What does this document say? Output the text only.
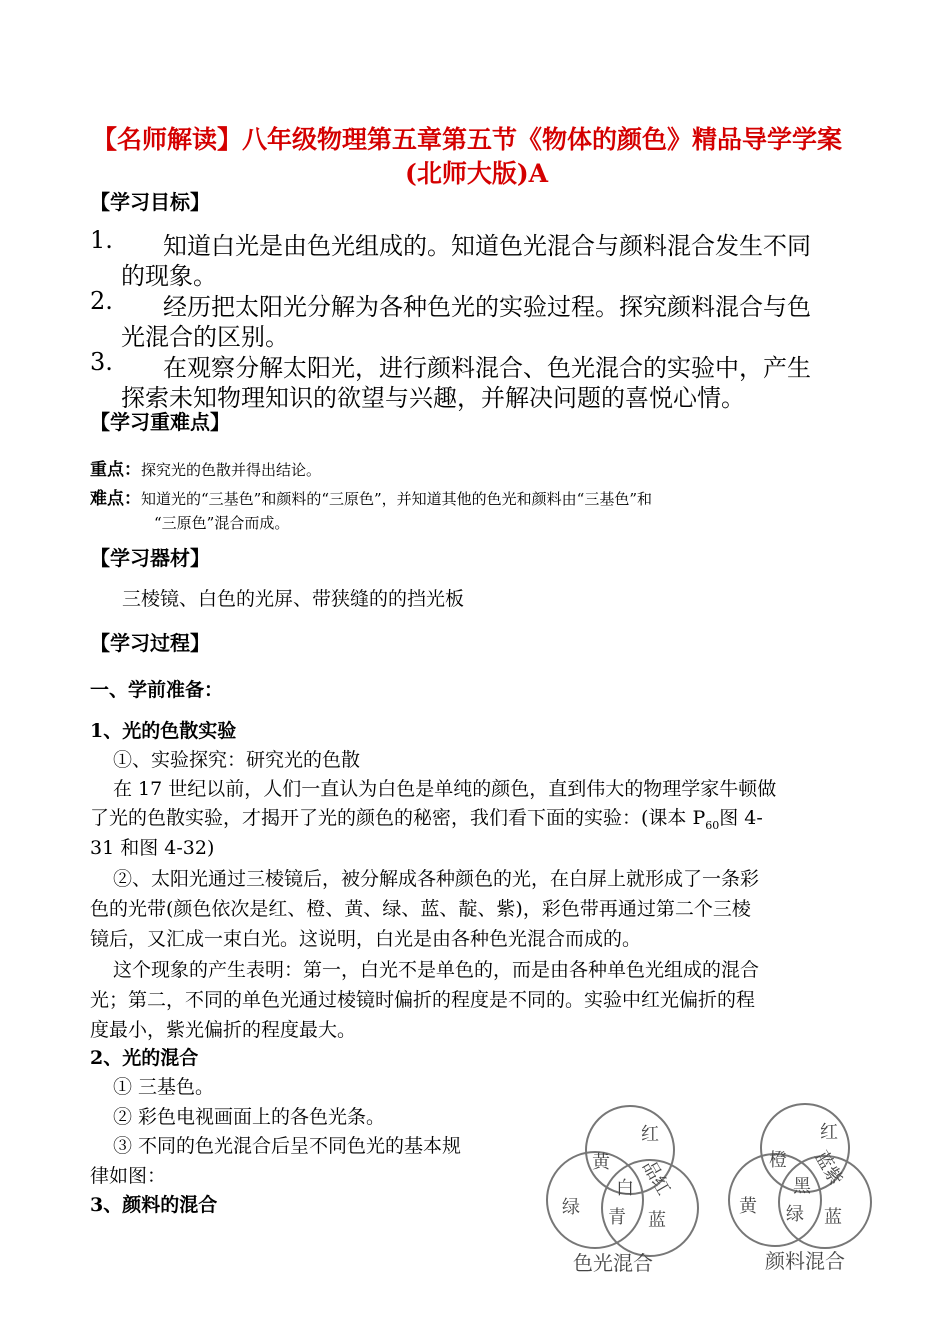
【名师解读】八年级物理第五章第五节《物体的颜色》精品导学学案
(北师大版)A
【学习目标】
1. 知道白光是由色光组成的。知道色光混合与颜料混合发生不同
的现象。
2. 经历把太阳光分解为各种色光的实验过程。探究颜料混合与色
光混合的区别。
3. 在观察分解太阳光，进行颜料混合、色光混合的实验中，产生
探索未知物理知识的欲望与兴趣，并解决问题的喜悦心情。
【学习重难点】
重点：探究光的色散并得出结论。
难点：知道光的“三基色”和颜料的“三原色”，并知道其他的色光和颜料由“三基色”和
“三原色”混合而成。
【学习器材】
三棱镜、白色的光屏、带狭缝的的挡光板
【学习过程】
一、学前准备：
1、光的色散实验
①、实验探究：研究光的色散
在 17 世纪以前，人们一直认为白色是单纯的颜色，直到伟大的物理学家牛顿做
了光的色散实验，才揭开了光的颜色的秘密，我们看下面的实验：(课本 $P_{60}$图 4-
31 和图 4-32)
②、太阳光通过三棱镜后，被分解成各种颜色的光，在白屏上就形成了一条彩
色的光带(颜色依次是红、橙、黄、绿、蓝、靛、紫)，彩色带再通过第二个三棱
镜后，又汇成一束白光。这说明，白光是由各种色光混合而成的。
这个现象的产生表明：第一，白光不是单色的，而是由各种单色光组成的混合
光；第二，不同的单色光通过棱镜时偏折的程度是不同的。实验中红光偏折的程
度最小，紫光偏折的程度最大。
2、光的混合
① 三基色。
② 彩色电视画面上的各色光条。
③ 不同的色光混合后呈不同色光的基本规
律如图：
3、颜料的混合
红
黄 品红
白
绿 青 蓝
色光混合
红
橙 蓝紫
黑
黄 绿 蓝
颜料混合
